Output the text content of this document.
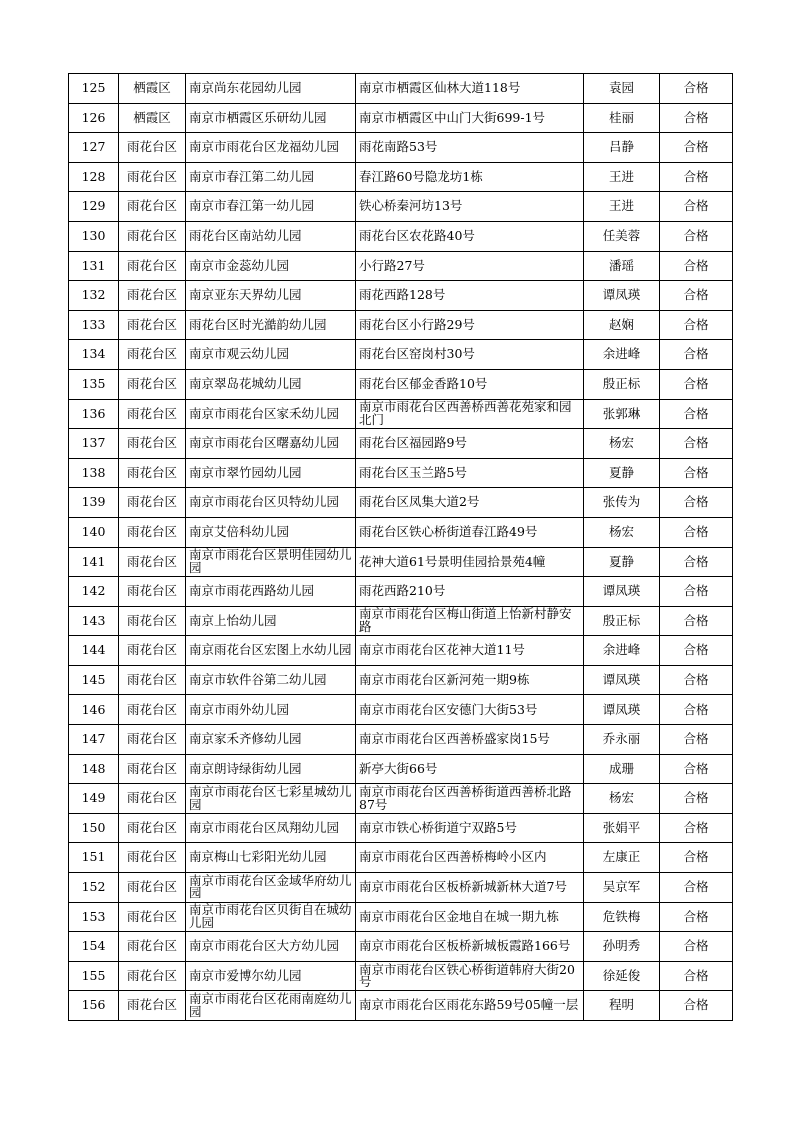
125	栖霞区	南京尚东花园幼儿园	南京市栖霞区仙林大道118号	袁园	合格
126	栖霞区	南京市栖霞区乐研幼儿园	南京市栖霞区中山门大街699-1号	桂丽	合格
127	雨花台区	南京市雨花台区龙福幼儿园	雨花南路53号	吕静	合格
128	雨花台区	南京市春江第二幼儿园	春江路60号隐龙坊1栋	王进	合格
129	雨花台区	南京市春江第一幼儿园	铁心桥秦河坊13号	王进	合格
130	雨花台区	雨花台区南站幼儿园	雨花台区农花路40号	任美蓉	合格
131	雨花台区	南京市金蕊幼儿园	小行路27号	潘瑶	合格
132	雨花台区	南京亚东天界幼儿园	雨花西路128号	谭凤瑛	合格
133	雨花台区	雨花台区时光澔韵幼儿园	雨花台区小行路29号	赵娴	合格
134	雨花台区	南京市观云幼儿园	雨花台区窑岗村30号	余进峰	合格
135	雨花台区	南京翠岛花城幼儿园	雨花台区郁金香路10号	殷正标	合格
136	雨花台区	南京市雨花台区家禾幼儿园	南京市雨花台区西善桥西善花苑家和园北门	张郭琳	合格
137	雨花台区	南京市雨花台区曙嘉幼儿园	雨花台区福园路9号	杨宏	合格
138	雨花台区	南京市翠竹园幼儿园	雨花台区玉兰路5号	夏静	合格
139	雨花台区	南京市雨花台区贝特幼儿园	雨花台区凤集大道2号	张传为	合格
140	雨花台区	南京艾倍科幼儿园	雨花台区铁心桥街道春江路49号	杨宏	合格
141	雨花台区	南京市雨花台区景明佳园幼儿园	花神大道61号景明佳园拾景苑4幢	夏静	合格
142	雨花台区	南京市雨花西路幼儿园	雨花西路210号	谭凤瑛	合格
143	雨花台区	南京上怡幼儿园	南京市雨花台区梅山街道上怡新村静安路	殷正标	合格
144	雨花台区	南京雨花台区宏图上水幼儿园	南京市雨花台区花神大道11号	余进峰	合格
145	雨花台区	南京市软件谷第二幼儿园	南京市雨花台区新河苑一期9栋	谭凤瑛	合格
146	雨花台区	南京市雨外幼儿园	南京市雨花台区安德门大街53号	谭凤瑛	合格
147	雨花台区	南京家禾齐修幼儿园	南京市雨花台区西善桥盛家岗15号	乔永丽	合格
148	雨花台区	南京朗诗绿街幼儿园	新亭大街66号	成珊	合格
149	雨花台区	南京市雨花台区七彩星城幼儿园	南京市雨花台区西善桥街道西善桥北路87号	杨宏	合格
150	雨花台区	南京市雨花台区凤翔幼儿园	南京市铁心桥街道宁双路5号	张娟平	合格
151	雨花台区	南京梅山七彩阳光幼儿园	南京市雨花台区西善桥梅岭小区内	左康正	合格
152	雨花台区	南京市雨花台区金域华府幼儿园	南京市雨花台区板桥新城新林大道7号	吴京军	合格
153	雨花台区	南京市雨花台区贝街自在城幼儿园	南京市雨花台区金地自在城一期九栋	危铁梅	合格
154	雨花台区	南京市雨花台区大方幼儿园	南京市雨花台区板桥新城板霞路166号	孙明秀	合格
155	雨花台区	南京市爱博尔幼儿园	南京市雨花台区铁心桥街道韩府大街20号	徐延俊	合格
156	雨花台区	南京市雨花台区花雨南庭幼儿园	南京市雨花台区雨花东路59号05幢一层	程明	合格
